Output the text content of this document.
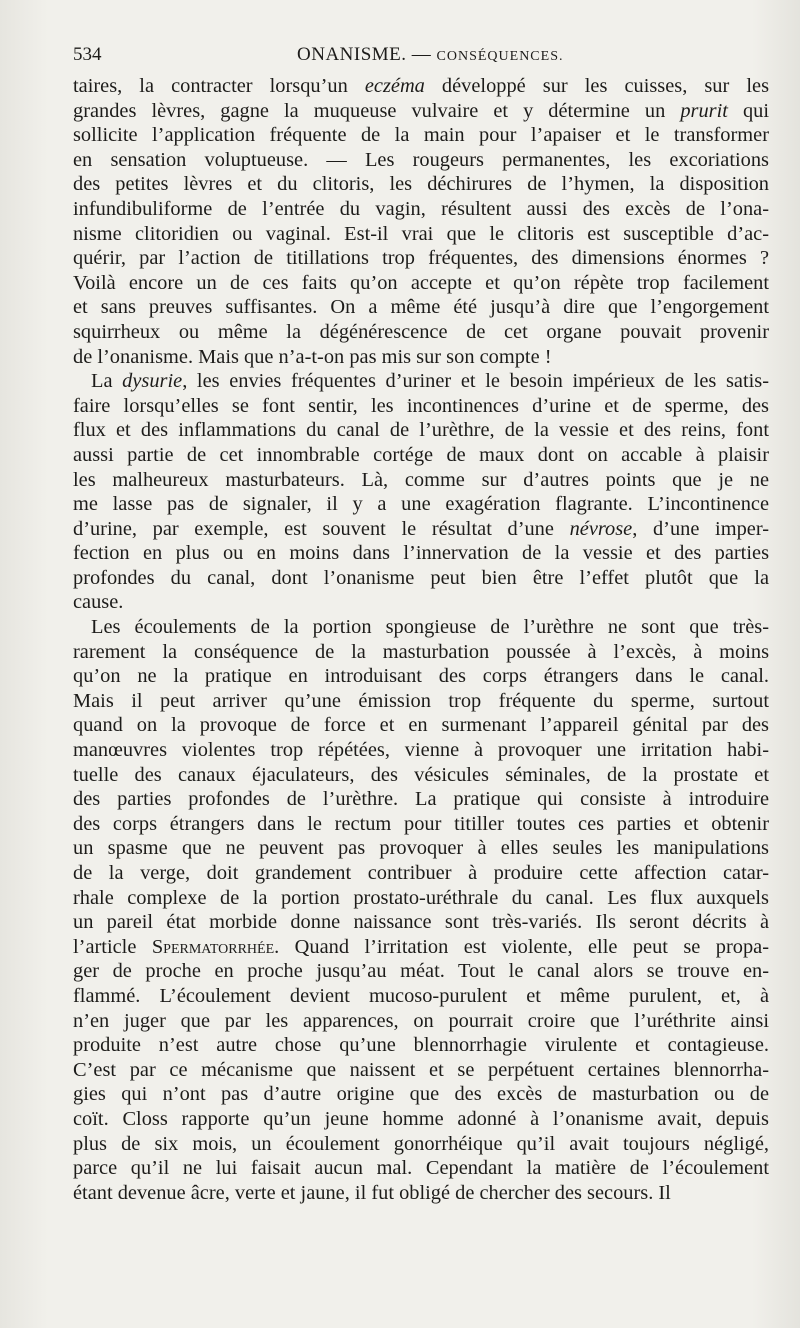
534	ONANISME. — CONSÉQUENCES.
taires, la contracter lorsqu’un eczéma développé sur les cuisses, sur les
grandes lèvres, gagne la muqueuse vulvaire et y détermine un prurit qui
sollicite l’application fréquente de la main pour l’apaiser et le transformer
en sensation voluptueuse. — Les rougeurs permanentes, les excoriations
des petites lèvres et du clitoris, les déchirures de l’hymen, la disposition
infundibuliforme de l’entrée du vagin, résultent aussi des excès de l’ona-
nisme clitoridien ou vaginal. Est-il vrai que le clitoris est susceptible d’ac-
quérir, par l’action de titillations trop fréquentes, des dimensions énormes ?
Voilà encore un de ces faits qu’on accepte et qu’on répète trop facilement
et sans preuves suffisantes. On a même été jusqu’à dire que l’engorgement
squirrheux ou même la dégénérescence de cet organe pouvait provenir
de l’onanisme. Mais que n’a-t-on pas mis sur son compte !
La dysurie, les envies fréquentes d’uriner et le besoin impérieux de les satis-
faire lorsqu’elles se font sentir, les incontinences d’urine et de sperme, des
flux et des inflammations du canal de l’urèthre, de la vessie et des reins, font
aussi partie de cet innombrable cortége de maux dont on accable à plaisir
les malheureux masturbateurs. Là, comme sur d’autres points que je ne
me lasse pas de signaler, il y a une exagération flagrante. L’incontinence
d’urine, par exemple, est souvent le résultat d’une névrose, d’une imper-
fection en plus ou en moins dans l’innervation de la vessie et des parties
profondes du canal, dont l’onanisme peut bien être l’effet plutôt que la
cause.
Les écoulements de la portion spongieuse de l’urèthre ne sont que très-
rarement la conséquence de la masturbation poussée à l’excès, à moins
qu’on ne la pratique en introduisant des corps étrangers dans le canal.
Mais il peut arriver qu’une émission trop fréquente du sperme, surtout
quand on la provoque de force et en surmenant l’appareil génital par des
manœuvres violentes trop répétées, vienne à provoquer une irritation habi-
tuelle des canaux éjaculateurs, des vésicules séminales, de la prostate et
des parties profondes de l’urèthre. La pratique qui consiste à introduire
des corps étrangers dans le rectum pour titiller toutes ces parties et obtenir
un spasme que ne peuvent pas provoquer à elles seules les manipulations
de la verge, doit grandement contribuer à produire cette affection catar-
rhale complexe de la portion prostato-uréthrale du canal. Les flux auxquels
un pareil état morbide donne naissance sont très-variés. Ils seront décrits à
l’article Spermatorrhée. Quand l’irritation est violente, elle peut se propa-
ger de proche en proche jusqu’au méat. Tout le canal alors se trouve en-
flammé. L’écoulement devient mucoso-purulent et même purulent, et, à
n’en juger que par les apparences, on pourrait croire que l’uréthrite ainsi
produite n’est autre chose qu’une blennorrhagie virulente et contagieuse.
C’est par ce mécanisme que naissent et se perpétuent certaines blennorrha-
gies qui n’ont pas d’autre origine que des excès de masturbation ou de
coït. Closs rapporte qu’un jeune homme adonné à l’onanisme avait, depuis
plus de six mois, un écoulement gonorrhéique qu’il avait toujours négligé,
parce qu’il ne lui faisait aucun mal. Cependant la matière de l’écoulement
étant devenue âcre, verte et jaune, il fut obligé de chercher des secours. Il
